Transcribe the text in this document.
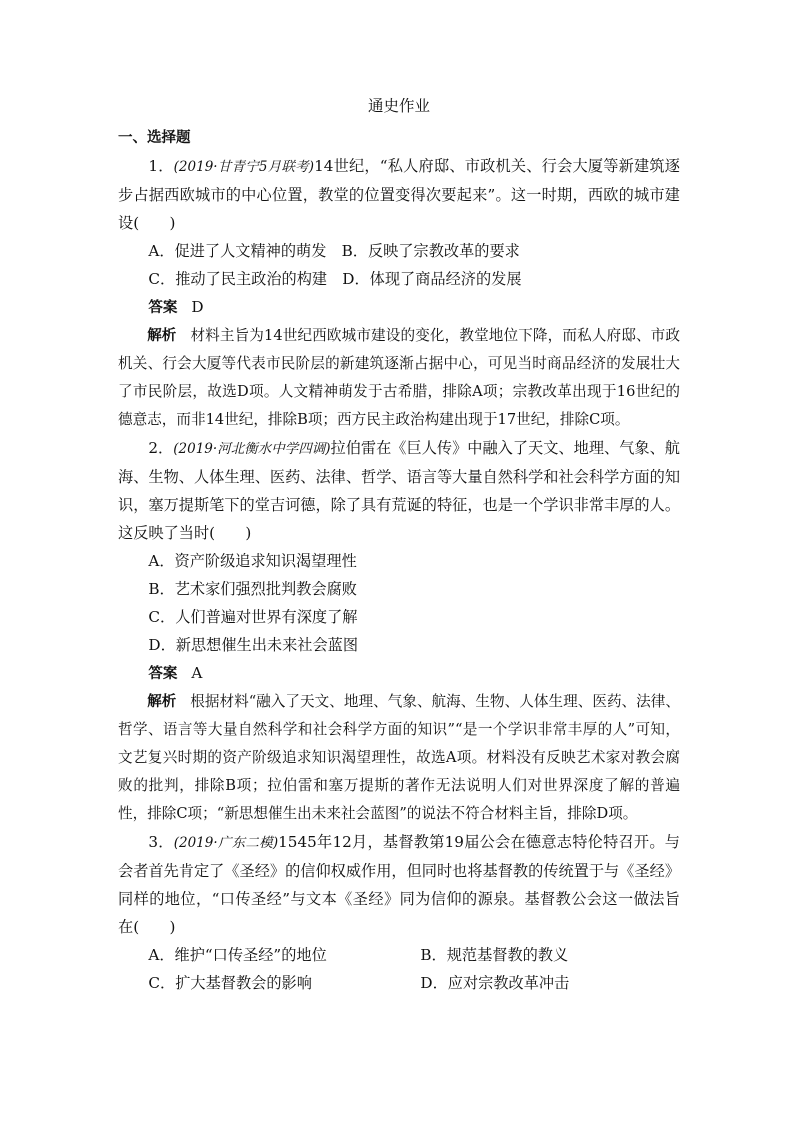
通史作业
一、选择题
1．(2019·甘青宁5月联考)14世纪，“私人府邸、市政机关、行会大厦等新建筑逐步占据西欧城市的中心位置，教堂的位置变得次要起来”。这一时期，西欧的城市建设(　　)
A．促进了人文精神的萌发　B．反映了宗教改革的要求
C．推动了民主政治的构建　D．体现了商品经济的发展
答案 D
解析 材料主旨为14世纪西欧城市建设的变化，教堂地位下降，而私人府邸、市政机关、行会大厦等代表市民阶层的新建筑逐渐占据中心，可见当时商品经济的发展壮大了市民阶层，故选D项。人文精神萌发于古希腊，排除A项；宗教改革出现于16世纪的德意志，而非14世纪，排除B项；西方民主政治构建出现于17世纪，排除C项。
2．(2019·河北衡水中学四调)拉伯雷在《巨人传》中融入了天文、地理、气象、航海、生物、人体生理、医药、法律、哲学、语言等大量自然科学和社会科学方面的知识，塞万提斯笔下的堂吉诃德，除了具有荒诞的特征，也是一个学识非常丰厚的人。这反映了当时(　　)
A．资产阶级追求知识渴望理性
B．艺术家们强烈批判教会腐败
C．人们普遍对世界有深度了解
D．新思想催生出未来社会蓝图
答案 A
解析 根据材料“融入了天文、地理、气象、航海、生物、人体生理、医药、法律、哲学、语言等大量自然科学和社会科学方面的知识”“是一个学识非常丰厚的人”可知，文艺复兴时期的资产阶级追求知识渴望理性，故选A项。材料没有反映艺术家对教会腐败的批判，排除B项；拉伯雷和塞万提斯的著作无法说明人们对世界深度了解的普遍性，排除C项；“新思想催生出未来社会蓝图”的说法不符合材料主旨，排除D项。
3．(2019·广东二模)1545年12月，基督教第19届公会在德意志特伦特召开。与会者首先肯定了《圣经》的信仰权威作用，但同时也将基督教的传统置于与《圣经》同样的地位，“口传圣经”与文本《圣经》同为信仰的源泉。基督教公会这一做法旨在(　　)
A．维护“口传圣经”的地位	B．规范基督教的教义
C．扩大基督教会的影响	D．应对宗教改革冲击
